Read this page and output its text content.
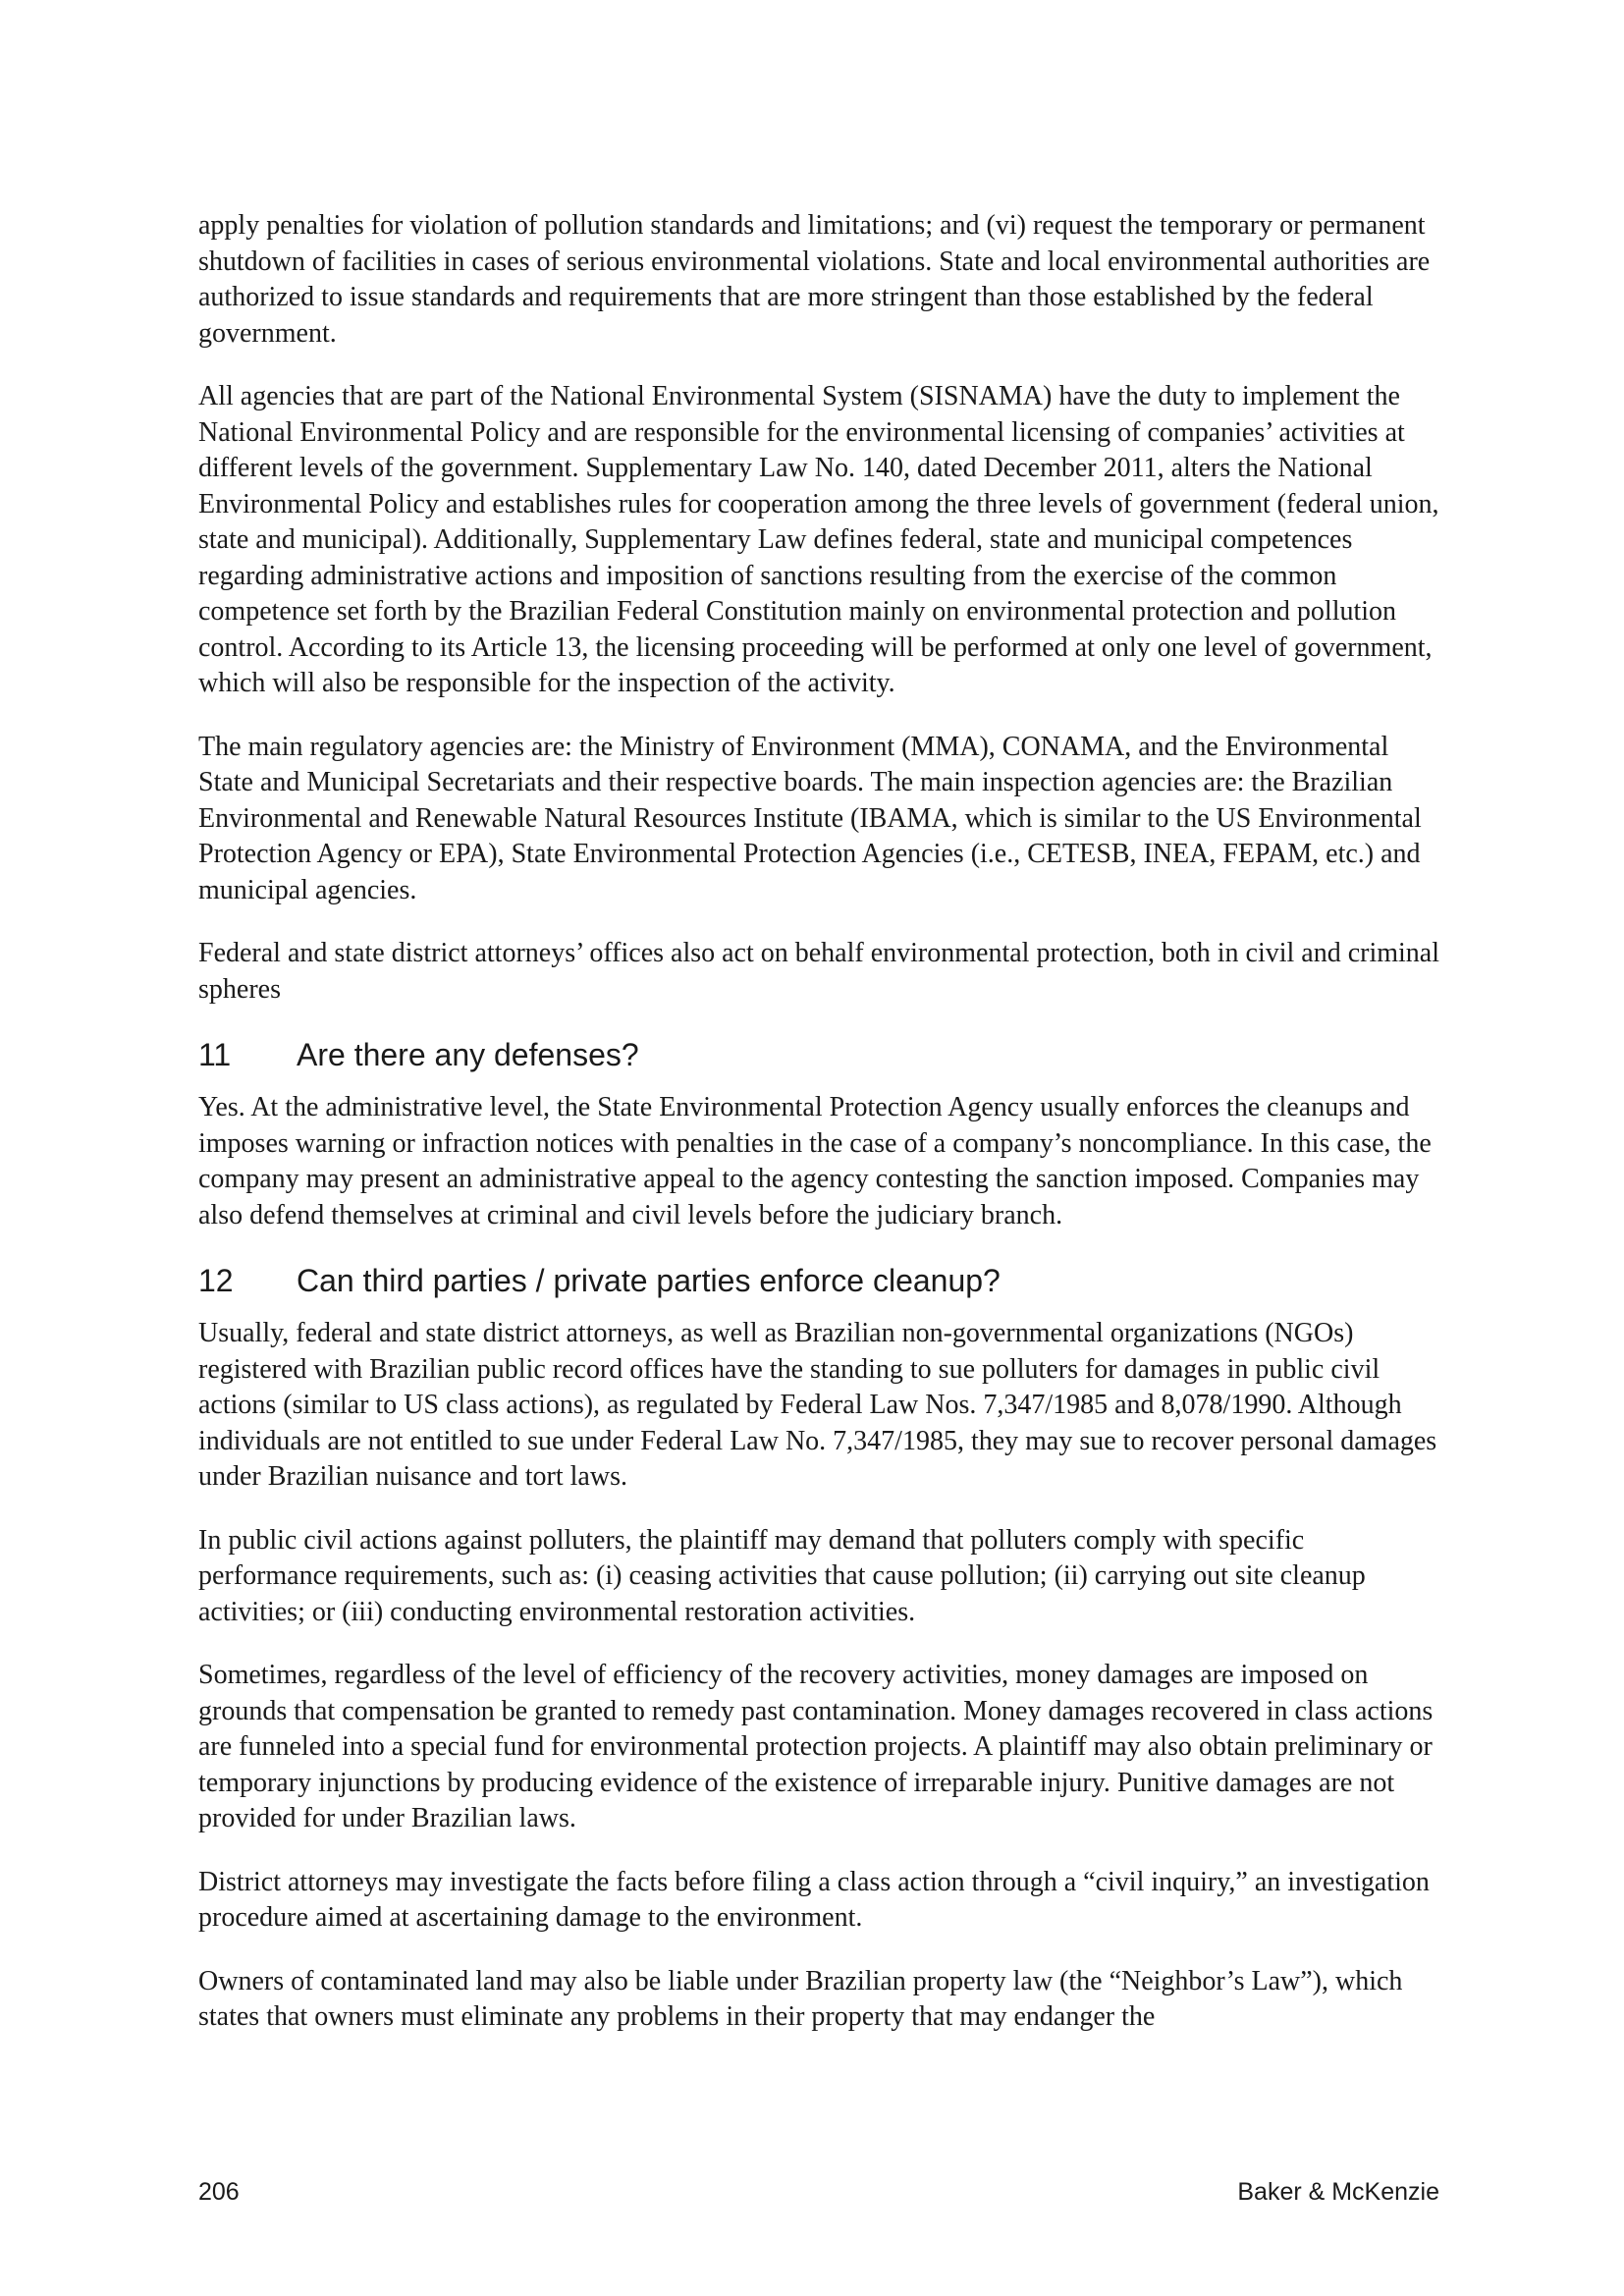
apply penalties for violation of pollution standards and limitations; and (vi) request the temporary or permanent shutdown of facilities in cases of serious environmental violations. State and local environmental authorities are authorized to issue standards and requirements that are more stringent than those established by the federal government.

All agencies that are part of the National Environmental System (SISNAMA) have the duty to implement the National Environmental Policy and are responsible for the environmental licensing of companies’ activities at different levels of the government. Supplementary Law No. 140, dated December 2011, alters the National Environmental Policy and establishes rules for cooperation among the three levels of government (federal union, state and municipal). Additionally, Supplementary Law defines federal, state and municipal competences regarding administrative actions and imposition of sanctions resulting from the exercise of the common competence set forth by the Brazilian Federal Constitution mainly on environmental protection and pollution control. According to its Article 13, the licensing proceeding will be performed at only one level of government, which will also be responsible for the inspection of the activity.

The main regulatory agencies are: the Ministry of Environment (MMA), CONAMA, and the Environmental State and Municipal Secretariats and their respective boards. The main inspection agencies are: the Brazilian Environmental and Renewable Natural Resources Institute (IBAMA, which is similar to the US Environmental Protection Agency or EPA), State Environmental Protection Agencies (i.e., CETESB, INEA, FEPAM, etc.) and municipal agencies.

Federal and state district attorneys’ offices also act on behalf environmental protection, both in civil and criminal spheres

11	Are there any defenses?

Yes. At the administrative level, the State Environmental Protection Agency usually enforces the cleanups and imposes warning or infraction notices with penalties in the case of a company’s noncompliance. In this case, the company may present an administrative appeal to the agency contesting the sanction imposed. Companies may also defend themselves at criminal and civil levels before the judiciary branch.

12	Can third parties / private parties enforce cleanup?

Usually, federal and state district attorneys, as well as Brazilian non-governmental organizations (NGOs) registered with Brazilian public record offices have the standing to sue polluters for damages in public civil actions (similar to US class actions), as regulated by Federal Law Nos. 7,347/1985 and 8,078/1990. Although individuals are not entitled to sue under Federal Law No. 7,347/1985, they may sue to recover personal damages under Brazilian nuisance and tort laws.

In public civil actions against polluters, the plaintiff may demand that polluters comply with specific performance requirements, such as: (i) ceasing activities that cause pollution; (ii) carrying out site cleanup activities; or (iii) conducting environmental restoration activities.

Sometimes, regardless of the level of efficiency of the recovery activities, money damages are imposed on grounds that compensation be granted to remedy past contamination. Money damages recovered in class actions are funneled into a special fund for environmental protection projects. A plaintiff may also obtain preliminary or temporary injunctions by producing evidence of the existence of irreparable injury. Punitive damages are not provided for under Brazilian laws.

District attorneys may investigate the facts before filing a class action through a “civil inquiry,” an investigation procedure aimed at ascertaining damage to the environment.

Owners of contaminated land may also be liable under Brazilian property law (the “Neighbor’s Law”), which states that owners must eliminate any problems in their property that may endanger the

206	Baker & McKenzie
